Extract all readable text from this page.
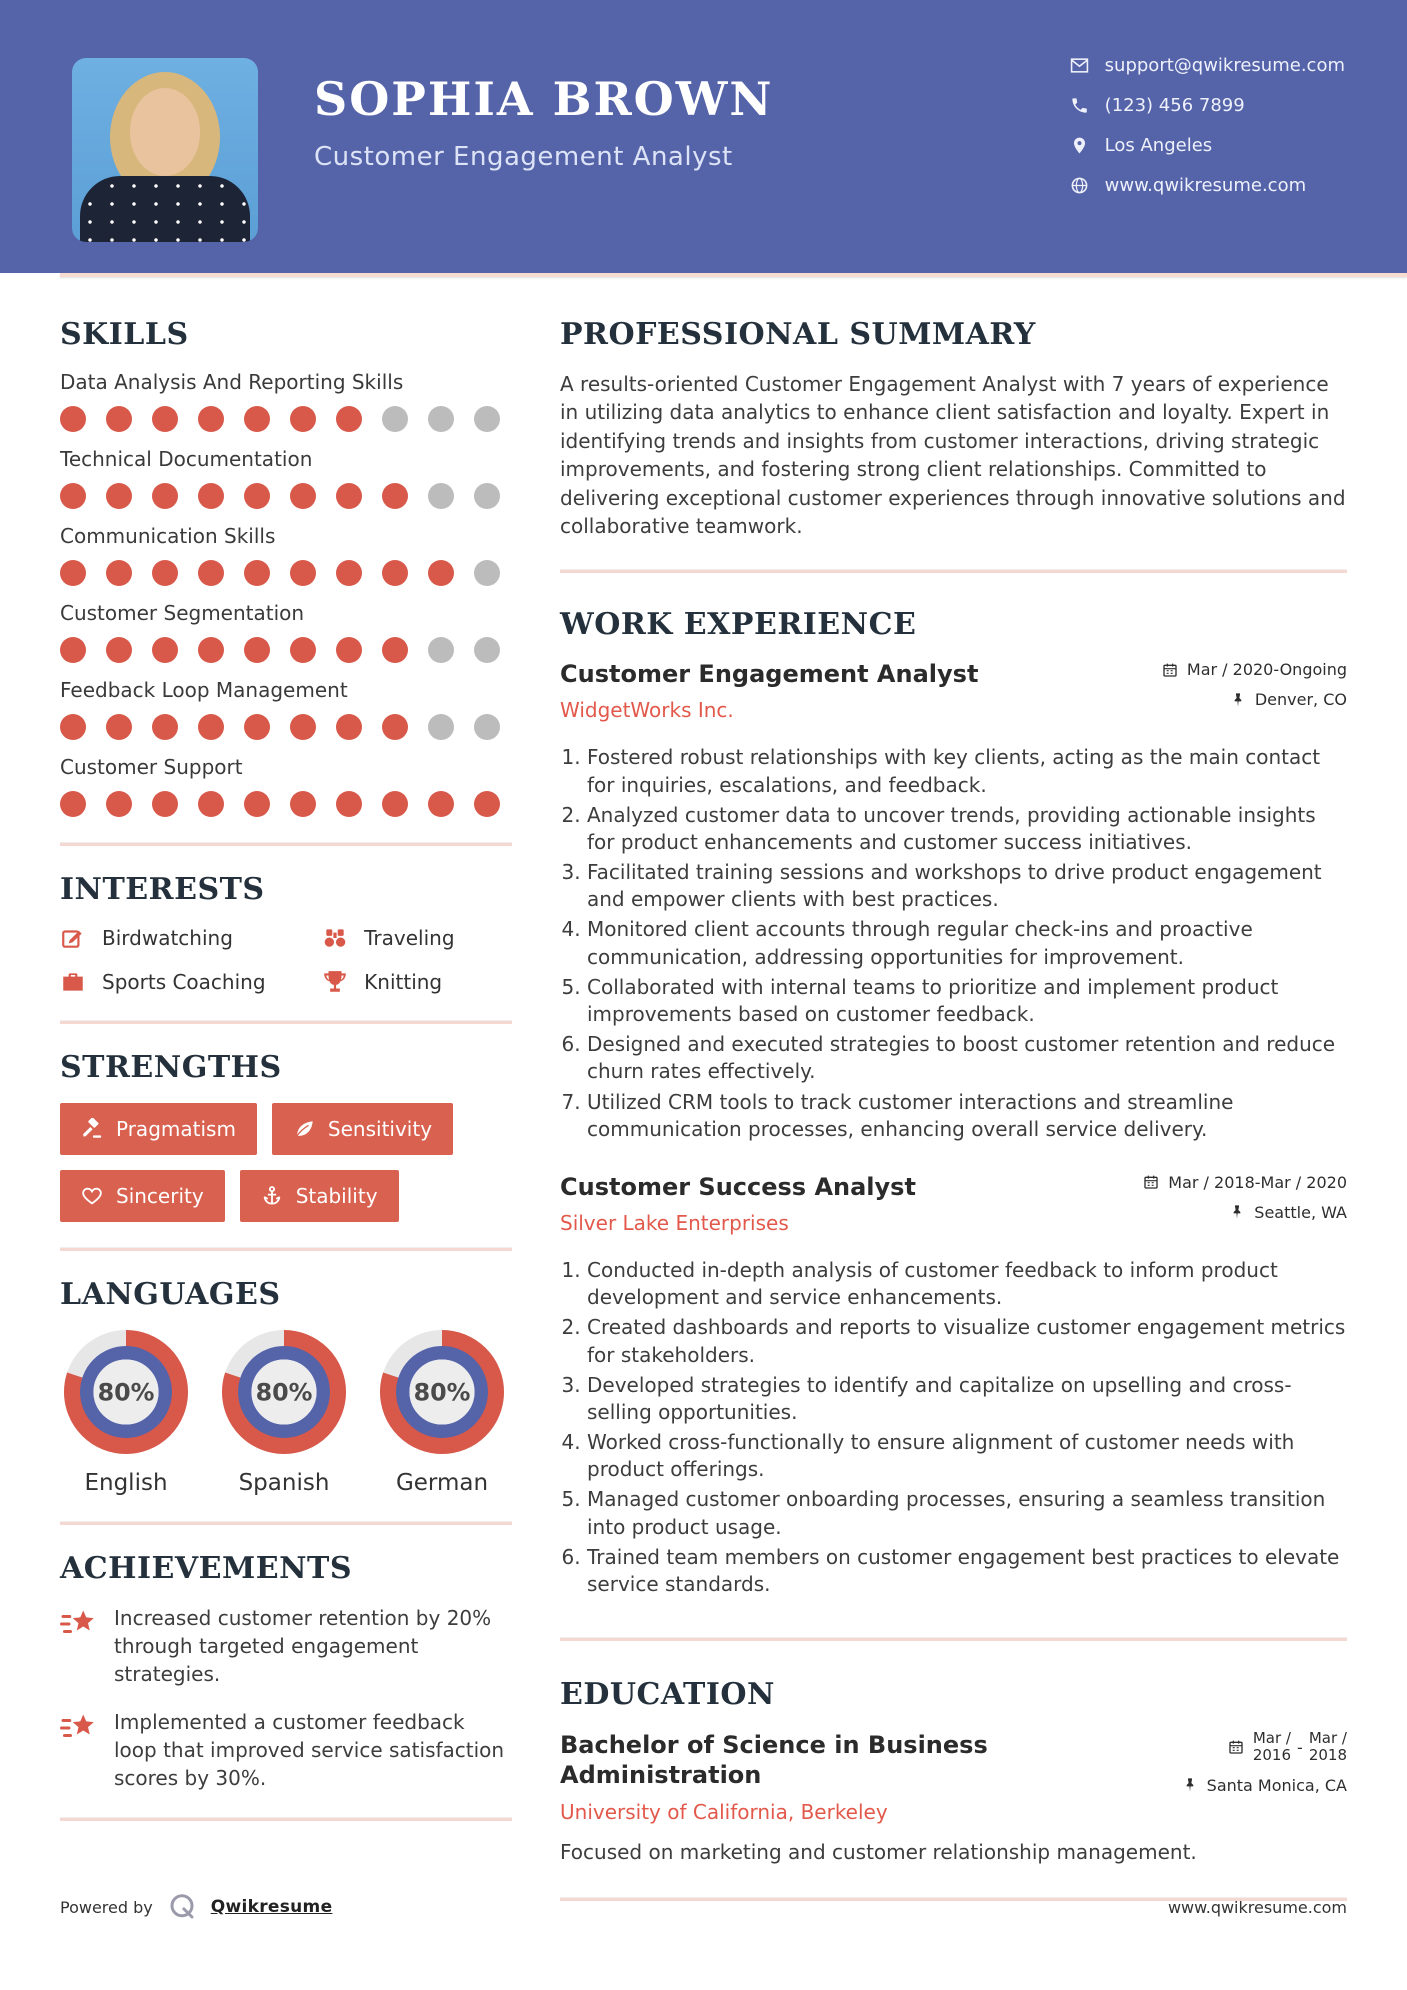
SOPHIA BROWN
Customer Engagement Analyst
support@qwikresume.com
(123) 456 7899
Los Angeles
www.qwikresume.com
SKILLS
Data Analysis And Reporting Skills
Technical Documentation
Communication Skills
Customer Segmentation
Feedback Loop Management
Customer Support
INTERESTS
Birdwatching	Traveling
Sports Coaching	Knitting
STRENGTHS
Pragmatism	Sensitivity
Sincerity	Stability
LANGUAGES
80%
English
80%
Spanish
80%
German
ACHIEVEMENTS
Increased customer retention by 20% through targeted engagement strategies.
Implemented a customer feedback loop that improved service satisfaction scores by 30%.
PROFESSIONAL SUMMARY

A results-oriented Customer Engagement Analyst with 7 years of experience in utilizing data analytics to enhance client satisfaction and loyalty. Expert in identifying trends and insights from customer interactions, driving strategic improvements, and fostering strong client relationships. Committed to delivering exceptional customer experiences through innovative solutions and collaborative teamwork.

WORK EXPERIENCE
Customer Engagement Analyst
WidgetWorks Inc.
Mar / 2020-Ongoing
Denver, CO
1. Fostered robust relationships with key clients, acting as the main contact for inquiries, escalations, and feedback.
2. Analyzed customer data to uncover trends, providing actionable insights for product enhancements and customer success initiatives.
3. Facilitated training sessions and workshops to drive product engagement and empower clients with best practices.
4. Monitored client accounts through regular check-ins and proactive communication, addressing opportunities for improvement.
5. Collaborated with internal teams to prioritize and implement product improvements based on customer feedback.
6. Designed and executed strategies to boost customer retention and reduce churn rates effectively.
7. Utilized CRM tools to track customer interactions and streamline communication processes, enhancing overall service delivery.
Customer Success Analyst
Silver Lake Enterprises
Mar / 2018-Mar / 2020
Seattle, WA
1. Conducted in-depth analysis of customer feedback to inform product development and service enhancements.
2. Created dashboards and reports to visualize customer engagement metrics for stakeholders.
3. Developed strategies to identify and capitalize on upselling and cross-selling opportunities.
4. Worked cross-functionally to ensure alignment of customer needs with product offerings.
5. Managed customer onboarding processes, ensuring a seamless transition into product usage.
6. Trained team members on customer engagement best practices to elevate service standards.
EDUCATION
Bachelor of Science in Business Administration
University of California, Berkeley
Mar /
2016 - Mar /
2018
Santa Monica, CA
Focused on marketing and customer relationship management.
Powered by	Qwikresume	www.qwikresume.com
